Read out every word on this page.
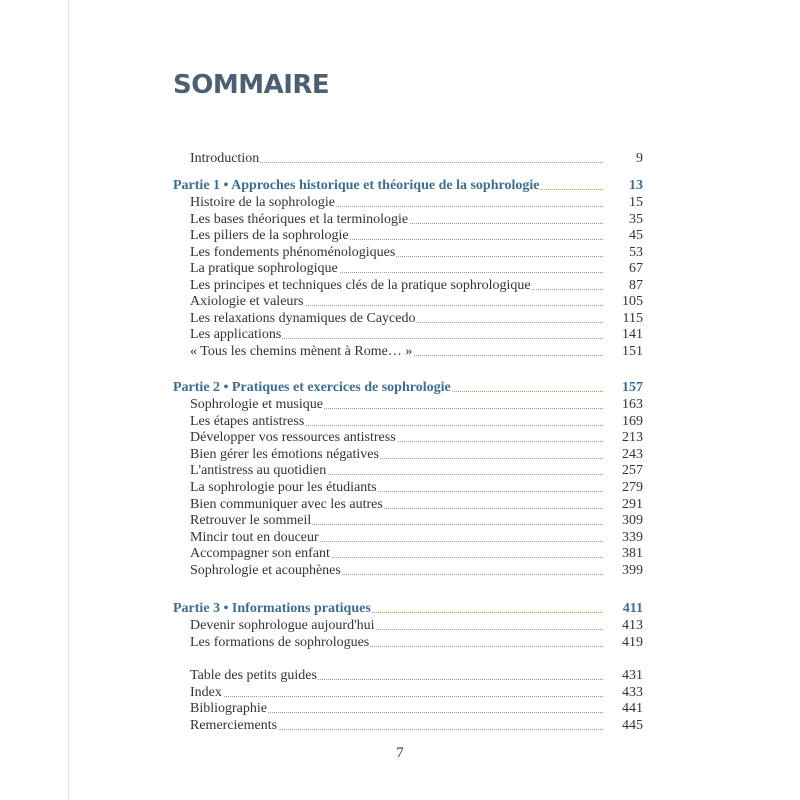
SOMMAIRE
Introduction	9
Partie 1 • Approches historique et théorique de la sophrologie	13
Histoire de la sophrologie	15
Les bases théoriques et la terminologie	35
Les piliers de la sophrologie	45
Les fondements phénoménologiques	53
La pratique sophrologique	67
Les principes et techniques clés de la pratique sophrologique	87
Axiologie et valeurs	105
Les relaxations dynamiques de Caycedo	115
Les applications	141
« Tous les chemins mènent à Rome… »	151
Partie 2 • Pratiques et exercices de sophrologie	157
Sophrologie et musique	163
Les étapes antistress	169
Développer vos ressources antistress	213
Bien gérer les émotions négatives	243
L'antistress au quotidien	257
La sophrologie pour les étudiants	279
Bien communiquer avec les autres	291
Retrouver le sommeil	309
Mincir tout en douceur	339
Accompagner son enfant	381
Sophrologie et acouphènes	399
Partie 3 • Informations pratiques	411
Devenir sophrologue aujourd'hui	413
Les formations de sophrologues	419
Table des petits guides	431
Index	433
Bibliographie	441
Remerciements	445
7
